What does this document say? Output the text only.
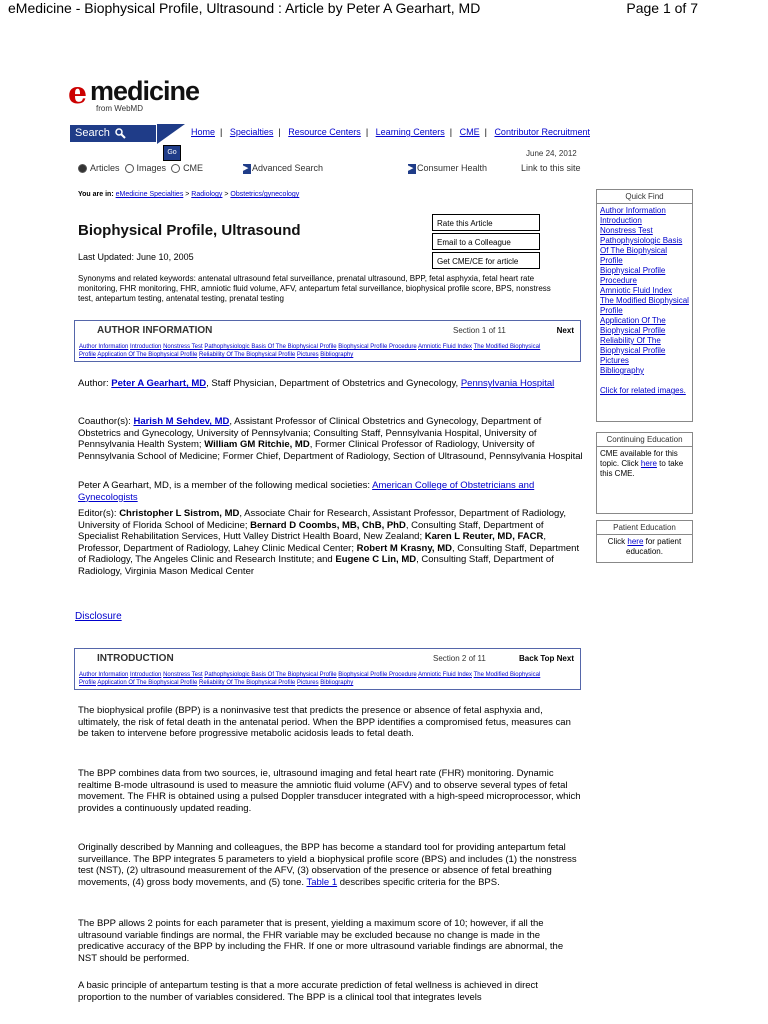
eMedicine - Biophysical Profile, Ultrasound : Article by Peter A Gearhart, MD	Page 1 of 7
e medicine
from WebMD
Search
Go
Home | Specialties | Resource Centers | Learning Centers | CME | Contributor Recruitment
June 24, 2012
Articles Images CME	▶ Advanced Search	▶ Consumer Health	Link to this site
You are in: eMedicine Specialties > Radiology > Obstetrics/gynecology
Biophysical Profile, Ultrasound
Last Updated: June 10, 2005
Synonyms and related keywords: antenatal ultrasound fetal surveillance, prenatal ultrasound, BPP, fetal asphyxia, fetal heart rate monitoring, FHR monitoring, FHR, amniotic fluid volume, AFV, antepartum fetal surveillance, biophysical profile score, BPS, nonstress test, antepartum testing, antenatal testing, prenatal testing
Rate this Article
Email to a Colleague
Get CME/CE for article
AUTHOR INFORMATION	Section 1 of 11	Next
Author Information Introduction Nonstress Test Pathophysiologic Basis Of The Biophysical Profile Biophysical Profile Procedure Amniotic Fluid Index The Modified Biophysical Profile Application Of The Biophysical Profile Reliability Of The Biophysical Profile Pictures Bibliography
Author: Peter A Gearhart, MD, Staff Physician, Department of Obstetrics and Gynecology, Pennsylvania Hospital
Coauthor(s): Harish M Sehdev, MD, Assistant Professor of Clinical Obstetrics and Gynecology, Department of Obstetrics and Gynecology, University of Pennsylvania; Consulting Staff, Pennsylvania Hospital, University of Pennsylvania Health System; William GM Ritchie, MD, Former Clinical Professor of Radiology, University of Pennsylvania School of Medicine; Former Chief, Department of Radiology, Section of Ultrasound, Pennsylvania Hospital
Peter A Gearhart, MD, is a member of the following medical societies: American College of Obstetricians and Gynecologists
Editor(s): Christopher L Sistrom, MD, Associate Chair for Research, Assistant Professor, Department of Radiology, University of Florida School of Medicine; Bernard D Coombs, MB, ChB, PhD, Consulting Staff, Department of Specialist Rehabilitation Services, Hutt Valley District Health Board, New Zealand; Karen L Reuter, MD, FACR, Professor, Department of Radiology, Lahey Clinic Medical Center; Robert M Krasny, MD, Consulting Staff, Department of Radiology, The Angeles Clinic and Research Institute; and Eugene C Lin, MD, Consulting Staff, Department of Radiology, Virginia Mason Medical Center
Disclosure
INTRODUCTION	Section 2 of 11	Back Top Next
Author Information Introduction Nonstress Test Pathophysiologic Basis Of The Biophysical Profile Biophysical Profile Procedure Amniotic Fluid Index The Modified Biophysical Profile Application Of The Biophysical Profile Reliability Of The Biophysical Profile Pictures Bibliography
The biophysical profile (BPP) is a noninvasive test that predicts the presence or absence of fetal asphyxia and, ultimately, the risk of fetal death in the antenatal period. When the BPP identifies a compromised fetus, measures can be taken to intervene before progressive metabolic acidosis leads to fetal death.
The BPP combines data from two sources, ie, ultrasound imaging and fetal heart rate (FHR) monitoring. Dynamic realtime B-mode ultrasound is used to measure the amniotic fluid volume (AFV) and to observe several types of fetal movement. The FHR is obtained using a pulsed Doppler transducer integrated with a high-speed microprocessor, which provides a continuously updated reading.
Originally described by Manning and colleagues, the BPP has become a standard tool for providing antepartum fetal surveillance. The BPP integrates 5 parameters to yield a biophysical profile score (BPS) and includes (1) the nonstress test (NST), (2) ultrasound measurement of the AFV, (3) observation of the presence or absence of fetal breathing movements, (4) gross body movements, and (5) tone. Table 1 describes specific criteria for the BPS.
The BPP allows 2 points for each parameter that is present, yielding a maximum score of 10; however, if all the ultrasound variable findings are normal, the FHR variable may be excluded because no change is made in the predicative accuracy of the BPP by including the FHR. If one or more ultrasound variable findings are abnormal, the NST should be performed.
A basic principle of antepartum testing is that a more accurate prediction of fetal wellness is achieved in direct proportion to the number of variables considered. The BPP is a clinical tool that integrates levels
Quick Find
Author Information
Introduction
Nonstress Test
Pathophysiologic Basis Of The Biophysical Profile
Biophysical Profile Procedure
Amniotic Fluid Index
The Modified Biophysical Profile
Application Of The Biophysical Profile
Reliability Of The Biophysical Profile
Pictures
Bibliography
Click for related images.
Continuing Education
CME available for this topic. Click here to take this CME.
Patient Education
Click here for patient education.
